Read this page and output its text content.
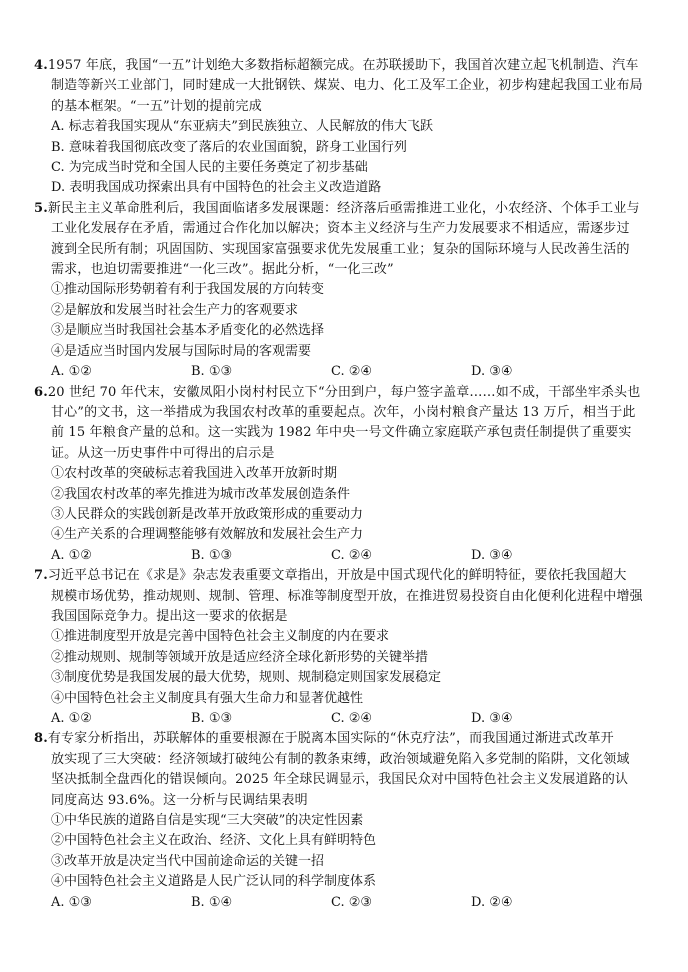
4.1957 年底，我国“一五”计划绝大多数指标超额完成。在苏联援助下，我国首次建立起飞机制造、汽车
制造等新兴工业部门，同时建成一大批钢铁、煤炭、电力、化工及军工企业，初步构建起我国工业布局
的基本框架。“一五”计划的提前完成
A. 标志着我国实现从“东亚病夫”到民族独立、人民解放的伟大飞跃
B. 意味着我国彻底改变了落后的农业国面貌，跻身工业国行列
C. 为完成当时党和全国人民的主要任务奠定了初步基础
D. 表明我国成功探索出具有中国特色的社会主义改造道路
5.新民主主义革命胜利后，我国面临诸多发展课题：经济落后亟需推进工业化，小农经济、个体手工业与
工业化发展存在矛盾，需通过合作化加以解决；资本主义经济与生产力发展要求不相适应，需逐步过
渡到全民所有制；巩固国防、实现国家富强要求优先发展重工业；复杂的国际环境与人民改善生活的
需求，也迫切需要推进“一化三改”。据此分析，“一化三改”
①推动国际形势朝着有利于我国发展的方向转变
②是解放和发展当时社会生产力的客观要求
③是顺应当时我国社会基本矛盾变化的必然选择
④是适应当时国内发展与国际时局的客观需要
A. ①②	B. ①③	C. ②④	D. ③④
6.20 世纪 70 年代末，安徽凤阳小岗村村民立下“分田到户，每户签字盖章……如不成，干部坐牢杀头也
甘心”的文书，这一举措成为我国农村改革的重要起点。次年，小岗村粮食产量达 13 万斤，相当于此
前 15 年粮食产量的总和。这一实践为 1982 年中央一号文件确立家庭联产承包责任制提供了重要实
证。从这一历史事件中可得出的启示是
①农村改革的突破标志着我国进入改革开放新时期
②我国农村改革的率先推进为城市改革发展创造条件
③人民群众的实践创新是改革开放政策形成的重要动力
④生产关系的合理调整能够有效解放和发展社会生产力
A. ①②	B. ①③	C. ②④	D. ③④
7.习近平总书记在《求是》杂志发表重要文章指出，开放是中国式现代化的鲜明特征，要依托我国超大
规模市场优势，推动规则、规制、管理、标准等制度型开放，在推进贸易投资自由化便利化进程中增强
我国国际竞争力。提出这一要求的依据是
①推进制度型开放是完善中国特色社会主义制度的内在要求
②推动规则、规制等领域开放是适应经济全球化新形势的关键举措
③制度优势是我国发展的最大优势，规则、规制稳定则国家发展稳定
④中国特色社会主义制度具有强大生命力和显著优越性
A. ①②	B. ①③	C. ②④	D. ③④
8.有专家分析指出，苏联解体的重要根源在于脱离本国实际的“休克疗法”，而我国通过渐进式改革开
放实现了三大突破：经济领域打破纯公有制的教条束缚，政治领域避免陷入多党制的陷阱，文化领域
坚决抵制全盘西化的错误倾向。2025 年全球民调显示，我国民众对中国特色社会主义发展道路的认
同度高达 93.6%。这一分析与民调结果表明
①中华民族的道路自信是实现“三大突破”的决定性因素
②中国特色社会主义在政治、经济、文化上具有鲜明特色
③改革开放是决定当代中国前途命运的关键一招
④中国特色社会主义道路是人民广泛认同的科学制度体系
A. ①③	B. ①④	C. ②③	D. ②④
